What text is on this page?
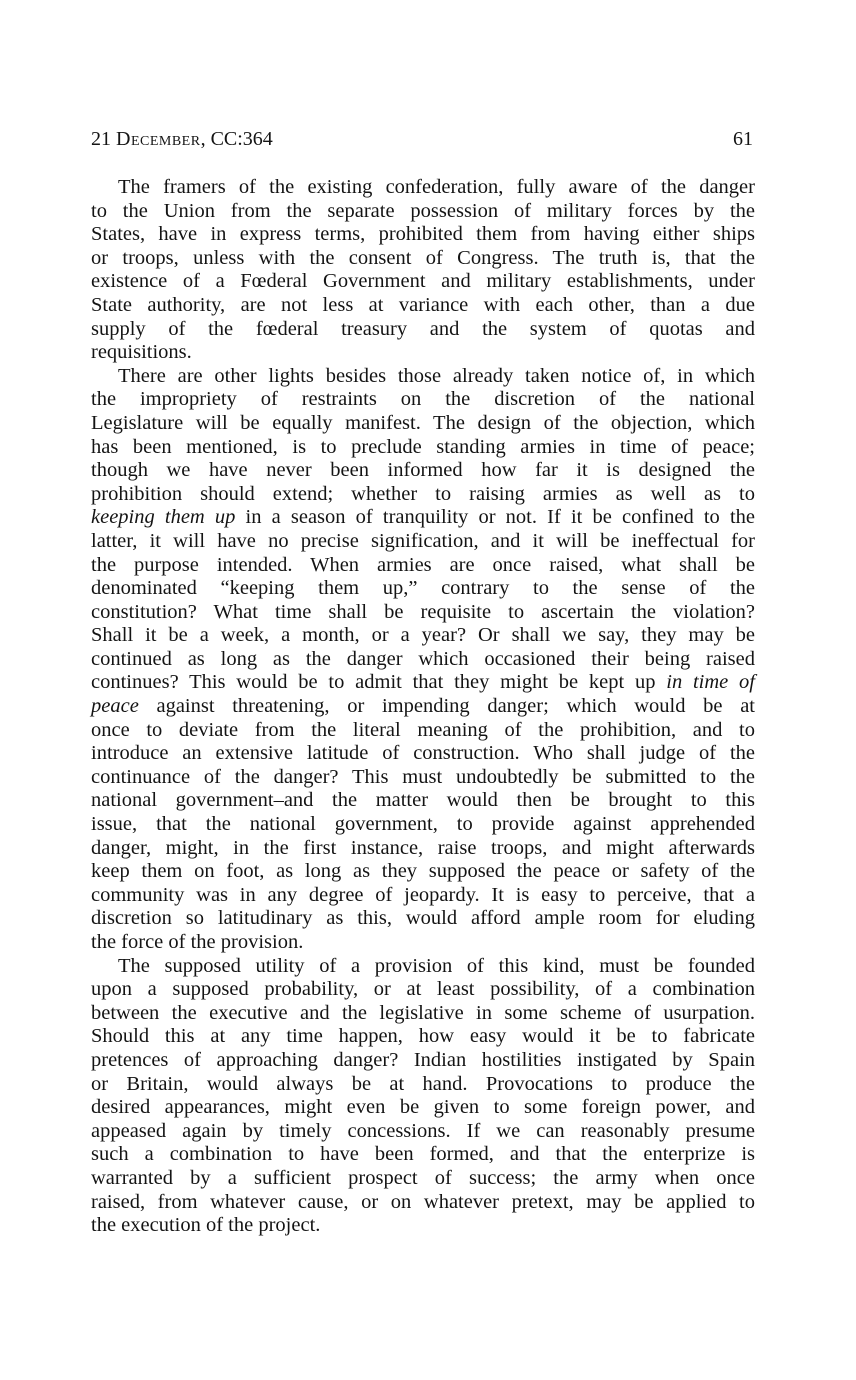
21 December, CC:364	61
The framers of the existing confederation, fully aware of the danger
to the Union from the separate possession of military forces by the
States, have in express terms, prohibited them from having either ships
or troops, unless with the consent of Congress. The truth is, that the
existence of a Fœderal Government and military establishments, under
State authority, are not less at variance with each other, than a due
supply of the fœderal treasury and the system of quotas and
requisitions.
There are other lights besides those already taken notice of, in which
the impropriety of restraints on the discretion of the national
Legislature will be equally manifest. The design of the objection, which
has been mentioned, is to preclude standing armies in time of peace;
though we have never been informed how far it is designed the
prohibition should extend; whether to raising armies as well as to
keeping them up in a season of tranquility or not. If it be confined to the
latter, it will have no precise signification, and it will be ineffectual for
the purpose intended. When armies are once raised, what shall be
denominated “keeping them up,” contrary to the sense of the
constitution? What time shall be requisite to ascertain the violation?
Shall it be a week, a month, or a year? Or shall we say, they may be
continued as long as the danger which occasioned their being raised
continues? This would be to admit that they might be kept up in time of
peace against threatening, or impending danger; which would be at
once to deviate from the literal meaning of the prohibition, and to
introduce an extensive latitude of construction. Who shall judge of the
continuance of the danger? This must undoubtedly be submitted to the
national government–and the matter would then be brought to this
issue, that the national government, to provide against apprehended
danger, might, in the first instance, raise troops, and might afterwards
keep them on foot, as long as they supposed the peace or safety of the
community was in any degree of jeopardy. It is easy to perceive, that a
discretion so latitudinary as this, would afford ample room for eluding
the force of the provision.
The supposed utility of a provision of this kind, must be founded
upon a supposed probability, or at least possibility, of a combination
between the executive and the legislative in some scheme of usurpation.
Should this at any time happen, how easy would it be to fabricate
pretences of approaching danger? Indian hostilities instigated by Spain
or Britain, would always be at hand. Provocations to produce the
desired appearances, might even be given to some foreign power, and
appeased again by timely concessions. If we can reasonably presume
such a combination to have been formed, and that the enterprize is
warranted by a sufficient prospect of success; the army when once
raised, from whatever cause, or on whatever pretext, may be applied to
the execution of the project.
